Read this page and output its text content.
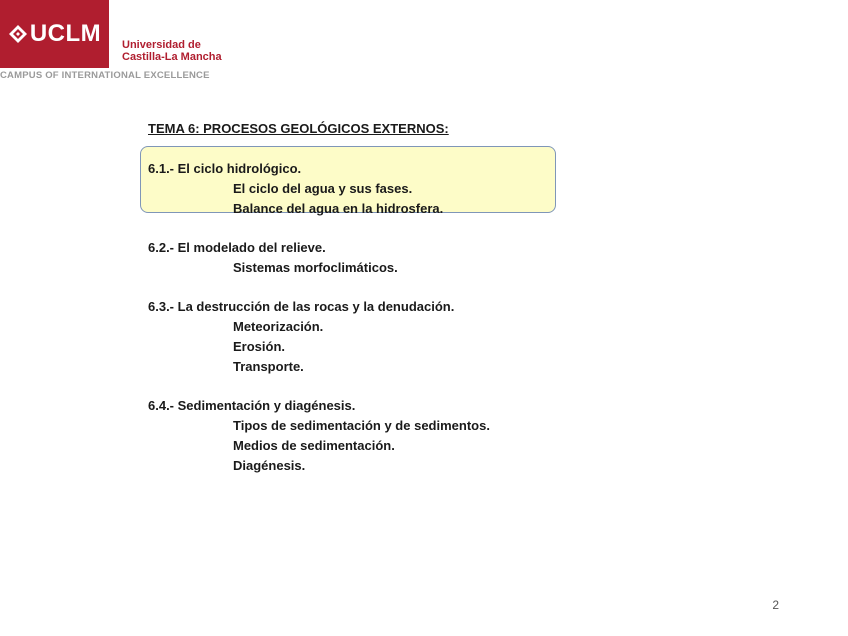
UCLM Universidad de
Castilla-La Mancha
CAMPUS OF INTERNATIONAL EXCELLENCE
TEMA 6: PROCESOS GEOLÓGICOS EXTERNOS:
6.1.- El ciclo hidrológico.
El ciclo del agua y sus fases.
Balance del agua en la hidrosfera.
6.2.- El modelado del relieve.
Sistemas morfoclimáticos.
6.3.- La destrucción de las rocas y la denudación.
Meteorización.
Erosión.
Transporte.
6.4.- Sedimentación y diagénesis.
Tipos de sedimentación y de sedimentos.
Medios de sedimentación.
Diagénesis.
2
